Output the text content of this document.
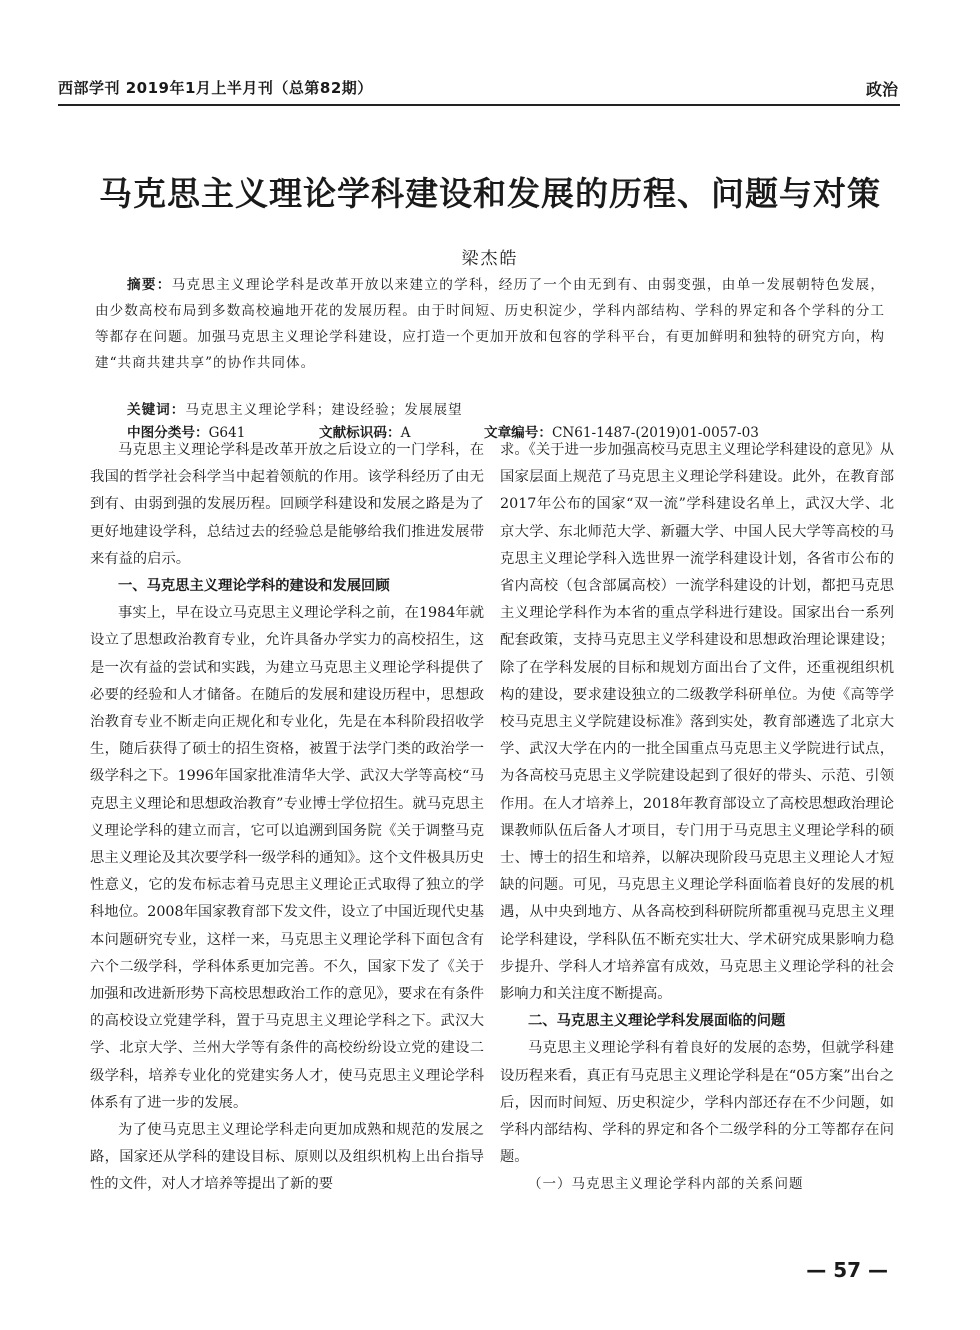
西部学刊 2019年1月上半月刊（总第82期）	政治
马克思主义理论学科建设和发展的历程、问题与对策
梁杰皓

摘要：马克思主义理论学科是改革开放以来建立的学科，经历了一个由无到有、由弱变强，由单一发展朝特色发展，由少数高校布局到多数高校遍地开花的发展历程。由于时间短、历史积淀少，学科内部结构、学科的界定和各个学科的分工等都存在问题。加强马克思主义理论学科建设，应打造一个更加开放和包容的学科平台，有更加鲜明和独特的研究方向，构建“共商共建共享”的协作共同体。

关键词：马克思主义理论学科；建设经验；发展展望
中图分类号：G641	文献标识码：A	文章编号：CN61-1487-(2019)01-0057-03

马克思主义理论学科是改革开放之后设立的一门学科，在我国的哲学社会科学当中起着领航的作用。该学科经历了由无到有、由弱到强的发展历程。回顾学科建设和发展之路是为了更好地建设学科，总结过去的经验总是能够给我们推进发展带来有益的启示。

一、马克思主义理论学科的建设和发展回顾

事实上，早在设立马克思主义理论学科之前，在1984年就设立了思想政治教育专业，允许具备办学实力的高校招生，这是一次有益的尝试和实践，为建立马克思主义理论学科提供了必要的经验和人才储备。在随后的发展和建设历程中，思想政治教育专业不断走向正规化和专业化，先是在本科阶段招收学生，随后获得了硕士的招生资格，被置于法学门类的政治学一级学科之下。1996年国家批准清华大学、武汉大学等高校“马克思主义理论和思想政治教育”专业博士学位招生。就马克思主义理论学科的建立而言，它可以追溯到国务院《关于调整马克思主义理论及其次要学科一级学科的通知》。这个文件极具历史性意义，它的发布标志着马克思主义理论正式取得了独立的学科地位。2008年国家教育部下发文件，设立了中国近现代史基本问题研究专业，这样一来，马克思主义理论学科下面包含有六个二级学科，学科体系更加完善。不久，国家下发了《关于加强和改进新形势下高校思想政治工作的意见》，要求在有条件的高校设立党建学科，置于马克思主义理论学科之下。武汉大学、北京大学、兰州大学等有条件的高校纷纷设立党的建设二级学科，培养专业化的党建实务人才，使马克思主义理论学科体系有了进一步的发展。

为了使马克思主义理论学科走向更加成熟和规范的发展之路，国家还从学科的建设目标、原则以及组织机构上出台指导性的文件，对人才培养等提出了新的要

求。《关于进一步加强高校马克思主义理论学科建设的意见》从国家层面上规范了马克思主义理论学科建设。此外，在教育部2017年公布的国家“双一流”学科建设名单上，武汉大学、北京大学、东北师范大学、新疆大学、中国人民大学等高校的马克思主义理论学科入选世界一流学科建设计划，各省市公布的省内高校（包含部属高校）一流学科建设的计划，都把马克思主义理论学科作为本省的重点学科进行建设。国家出台一系列配套政策，支持马克思主义学科建设和思想政治理论课建设；除了在学科发展的目标和规划方面出台了文件，还重视组织机构的建设，要求建设独立的二级教学科研单位。为使《高等学校马克思主义学院建设标准》落到实处，教育部遴选了北京大学、武汉大学在内的一批全国重点马克思主义学院进行试点，为各高校马克思主义学院建设起到了很好的带头、示范、引领作用。在人才培养上，2018年教育部设立了高校思想政治理论课教师队伍后备人才项目，专门用于马克思主义理论学科的硕士、博士的招生和培养，以解决现阶段马克思主义理论人才短缺的问题。可见，马克思主义理论学科面临着良好的发展的机遇，从中央到地方、从各高校到科研院所都重视马克思主义理论学科建设，学科队伍不断充实壮大、学术研究成果影响力稳步提升、学科人才培养富有成效，马克思主义理论学科的社会影响力和关注度不断提高。

二、马克思主义理论学科发展面临的问题

马克思主义理论学科有着良好的发展的态势，但就学科建设历程来看，真正有马克思主义理论学科是在“05方案”出台之后，因而时间短、历史积淀少，学科内部还存在不少问题，如学科内部结构、学科的界定和各个二级学科的分工等都存在问题。

（一）马克思主义理论学科内部的关系问题
— 57 —
